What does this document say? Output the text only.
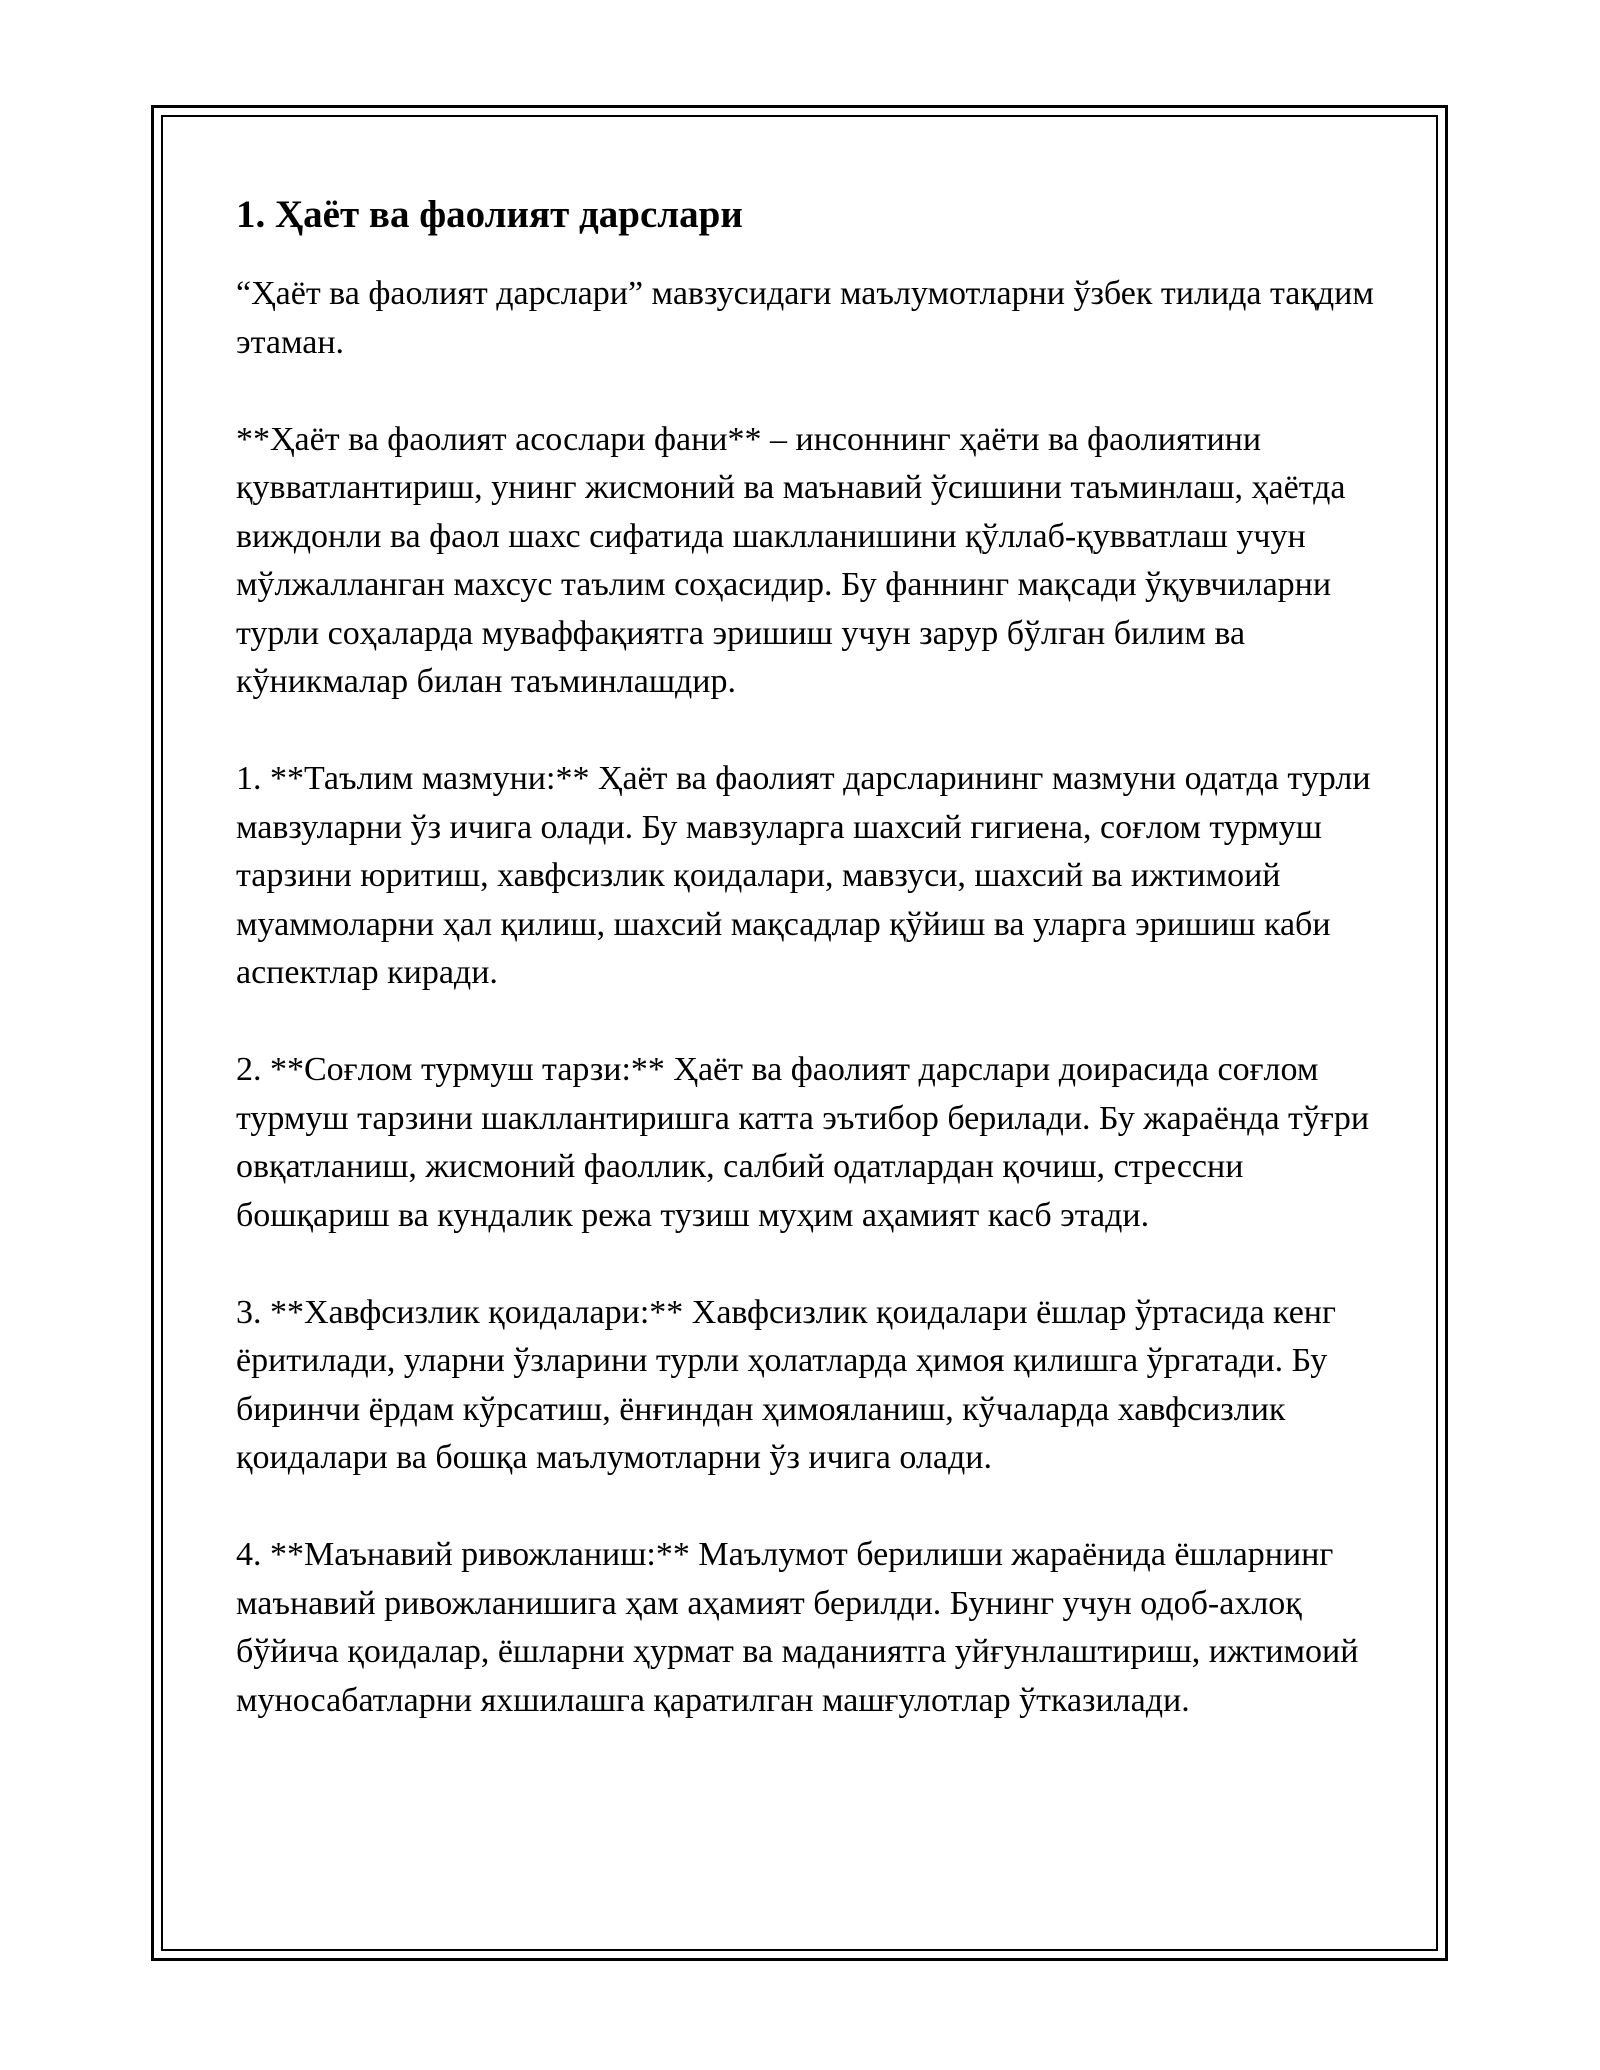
1. Ҳаёт ва фаолият дарслари

“Ҳаёт ва фаолият дарслари” мавзусидаги маълумотларни ўзбек тилида тақдим этаман.

**Ҳаёт ва фаолият асослари фани** – инсоннинг ҳаёти ва фаолиятини қувватлантириш, унинг жисмоний ва маънавий ўсишини таъминлаш, ҳаётда виждонли ва фаол шахс сифатида шаклланишини қўллаб-қувватлаш учун мўлжалланган махсус таълим соҳасидир. Бу фаннинг мақсади ўқувчиларни турли соҳаларда муваффақиятга эришиш учун зарур бўлган билим ва кўникмалар билан таъминлашдир.

1. **Таълим мазмуни:** Ҳаёт ва фаолият дарсларининг мазмуни одатда турли мавзуларни ўз ичига олади. Бу мавзуларга шахсий гигиена, соғлом турмуш тарзини юритиш, хавфсизлик қоидалари, мавзуси, шахсий ва ижтимоий муаммоларни ҳал қилиш, шахсий мақсадлар қўйиш ва уларга эришиш каби аспектлар киради.

2. **Соғлом турмуш тарзи:** Ҳаёт ва фаолият дарслари доирасида соғлом турмуш тарзини шакллантиришга катта эътибор берилади. Бу жараёнда тўғри овқатланиш, жисмоний фаоллик, салбий одатлардан қочиш, стрессни бошқариш ва кундалик режа тузиш муҳим аҳамият касб этади.

3. **Хавфсизлик қоидалари:** Хавфсизлик қоидалари ёшлар ўртасида кенг ёритилади, уларни ўзларини турли ҳолатларда ҳимоя қилишга ўргатади. Бу биринчи ёрдам кўрсатиш, ёнғиндан ҳимояланиш, кўчаларда хавфсизлик қоидалари ва бошқа маълумотларни ўз ичига олади.

4. **Маънавий ривожланиш:** Маълумот берилиши жараёнида ёшларнинг маънавий ривожланишига ҳам аҳамият берилди. Бунинг учун одоб-ахлоқ бўйича қоидалар, ёшларни ҳурмат ва маданиятга уйғунлаштириш, ижтимоий муносабатларни яхшилашга қаратилган машғулотлар ўтказилади.
